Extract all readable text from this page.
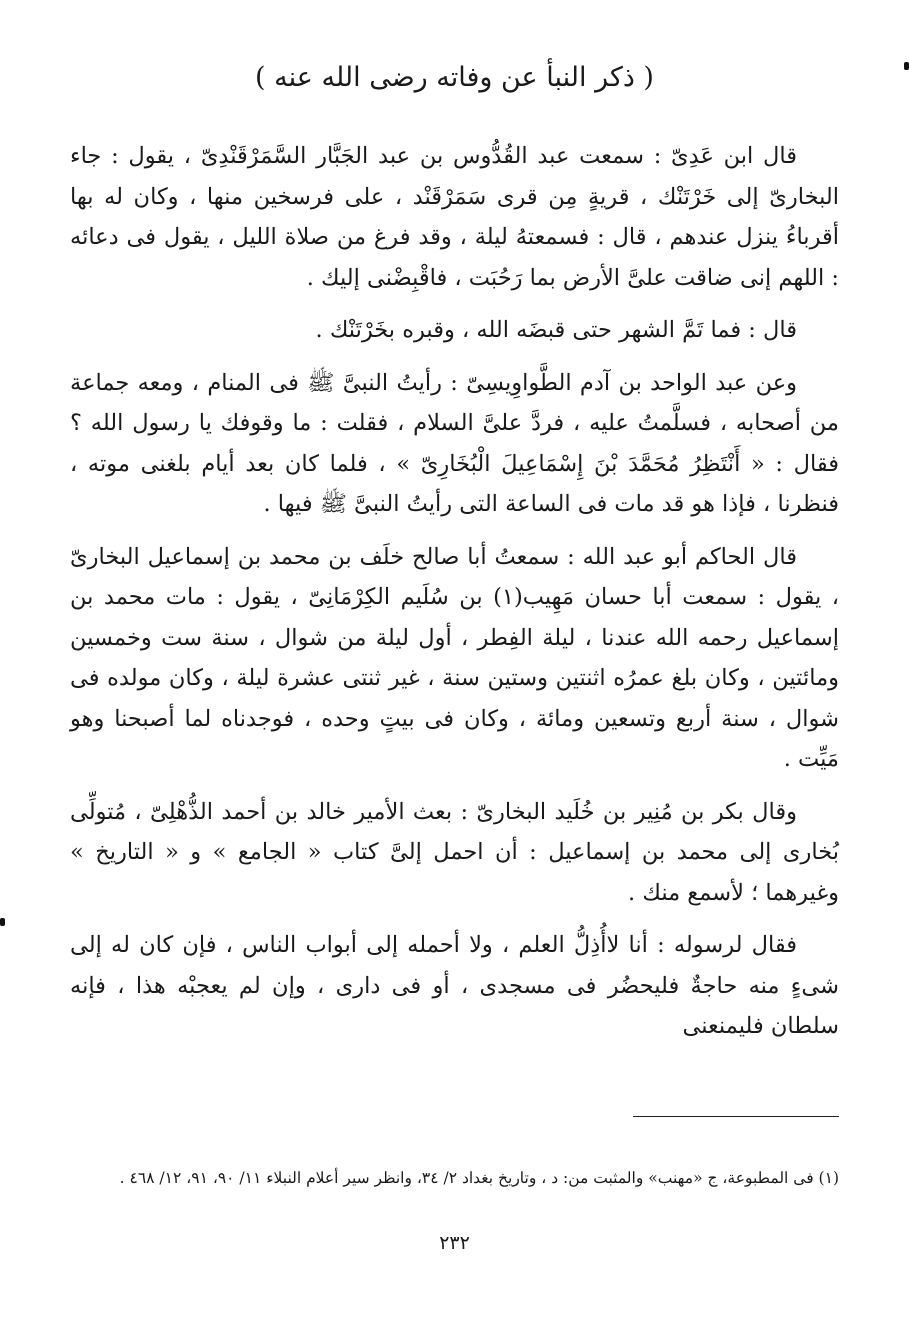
( ذكر النبأ عن وفاته رضى الله عنه )

قال ابن عَدِىّ : سمعت عبد القُدُّوس بن عبد الجَبَّار السَّمَرْقَنْدِىّ ، يقول : جاء البخارىّ إلى خَرْتَنْك ، قريةٍ مِن قرى سَمَرْقَنْد ، على فرسخين منها ، وكان له بها أقرباءُ ينزل عندهم ، قال : فسمعتهُ ليلة ، وقد فرغ من صلاة الليل ، يقول فى دعائه : اللهم إنى ضاقت علىَّ الأرض بما رَحُبَت ، فاقْبِضْنى إليك .

قال : فما تَمَّ الشهر حتى قبضَه الله ، وقبره بخَرْتَنْك .

وعن عبد الواحد بن آدم الطَّواوِيسِىّ : رأيتُ النبىَّ ﷺ فى المنام ، ومعه جماعة من أصحابه ، فسلَّمتُ عليه ، فردَّ علىَّ السلام ، فقلت : ما وقوفك يا رسول الله ؟ فقال : « أَنْتَظِرُ مُحَمَّدَ بْنَ إِسْمَاعِيلَ الْبُخَارِىّ » ، فلما كان بعد أيام بلغنى موته ، فنظرنا ، فإذا هو قد مات فى الساعة التى رأيتُ النبىَّ ﷺ فيها .

قال الحاكم أبو عبد الله : سمعتُ أبا صالح خلَف بن محمد بن إسماعيل البخارىّ ، يقول : سمعت أبا حسان مَهِيب(١) بن سُلَيم الكِرْمَانِىّ ، يقول : مات محمد بن إسماعيل رحمه الله عندنا ، ليلة الفِطر ، أول ليلة من شوال ، سنة ست وخمسين ومائتين ، وكان بلغ عمرُه اثنتين وستين سنة ، غير ثنتى عشرة ليلة ، وكان مولده فى شوال ، سنة أربع وتسعين ومائة ، وكان فى بيتٍ وحده ، فوجدناه لما أصبحنا وهو مَيِّت .

وقال بكر بن مُنِير بن خُلَيد البخارىّ : بعث الأمير خالد بن أحمد الذُّهْلِىّ ، مُتولِّى بُخارى إلى محمد بن إسماعيل : أن احمل إلىَّ كتاب « الجامع » و « التاريخ » وغيرهما ؛ لأسمع منك .

فقال لرسوله : أنا لاأُذِلُّ العلم ، ولا أحمله إلى أبواب الناس ، فإن كان له إلى شىءٍ منه حاجةٌ فليحضُر فى مسجدى ، أو فى دارى ، وإن لم يعجبْه هذا ، فإنه سلطان فليمنعنى

(١) فى المطبوعة، ج «مهنب» والمثبت من: د ، وتاريخ بغداد ٢/ ٣٤، وانظر سير أعلام النبلاء ١١/ ٩٠، ٩١، ١٢/ ٤٦٨ .
٢٣٢
